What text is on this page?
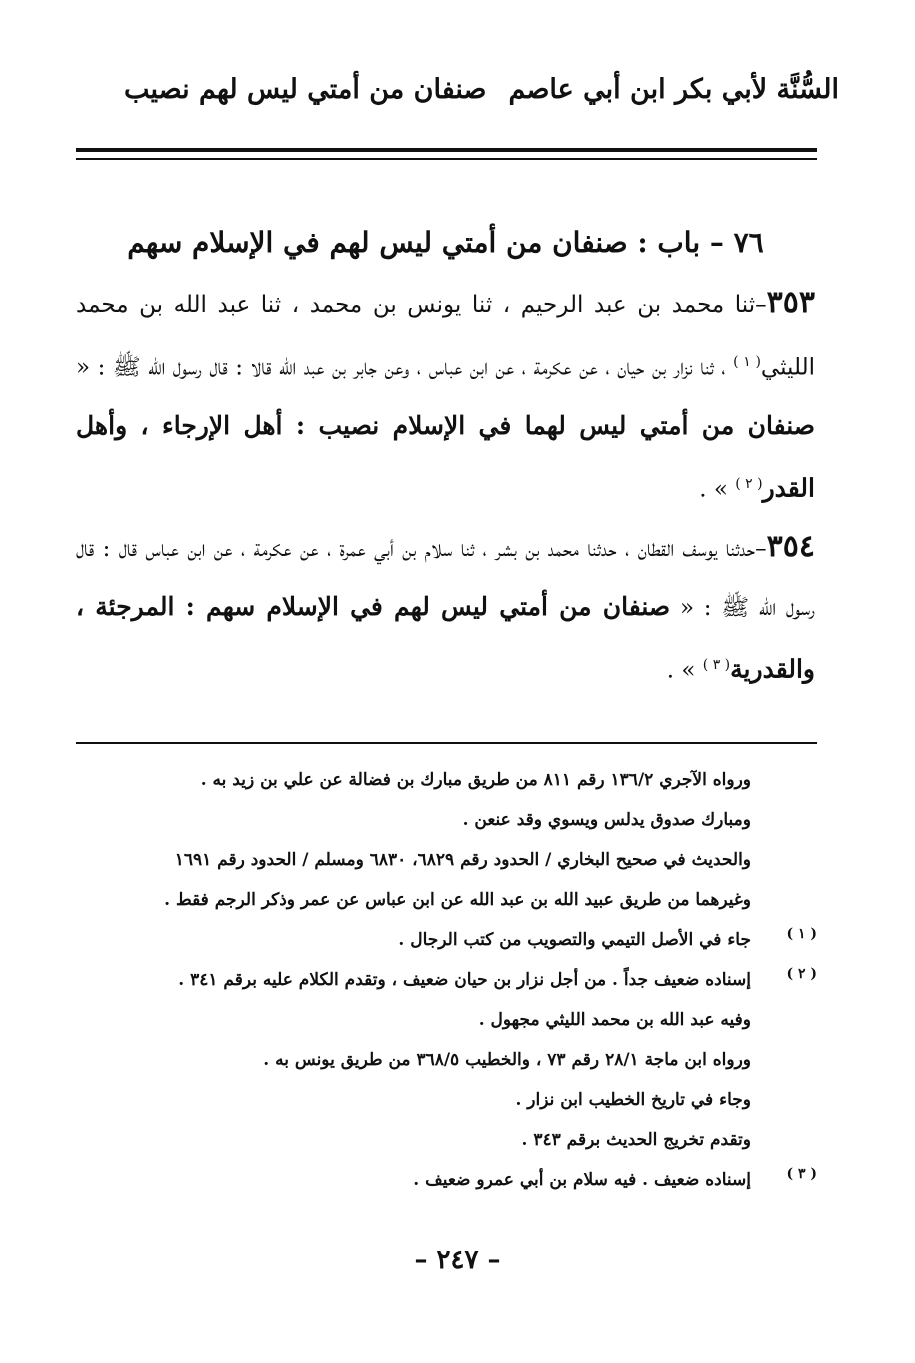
السُّنَّة لأبي بكر ابن أبي عاصم
صنفان من أمتي ليس لهم نصيب
٧٦ – باب : صنفان من أمتي ليس لهم في الإسلام سهم

٣٥٣–ثنا محمد بن عبد الرحيم ، ثنا يونس بن محمد ، ثنا عبد الله بن محمد الليثي$^{( ١ )}$ ، ثنا نزار بن حيان ، عن عكرمة ، عن ابن عباس ، وعن جابر بن عبد الله قالا : قال رسول الله ﷺ : « صنفان من أمتي ليس لهما في الإسلام نصيب : أهل الإرجاء ، وأهل القدر$^{( ٢ )}$ » .

٣٥٤–حدثنا يوسف القطان ، حدثنا محمد بن بشر ، ثنا سلام بن أبي عمرة ، عن عكرمة ، عن ابن عباس قال : قال رسول الله ﷺ : « صنفان من أمتي ليس لهم في الإسلام سهم : المرجئة ، والقدرية$^{( ٣ )}$ » .

ورواه الآجري ١٣٦/٢ رقم ٨١١ من طريق مبارك بن فضالة عن علي بن زيد به .
ومبارك صدوق يدلس ويسوي وقد عنعن .
والحديث في صحيح البخاري / الحدود رقم ٦٨٢٩، ٦٨٣٠ ومسلم / الحدود رقم ١٦٩١
وغيرهما من طريق عبيد الله بن عبد الله عن ابن عباس عن عمر وذكر الرجم فقط .
( ١ )
جاء في الأصل التيمي والتصويب من كتب الرجال .
( ٢ )
إسناده ضعيف جداً . من أجل نزار بن حيان ضعيف ، وتقدم الكلام عليه برقم ٣٤١ .
وفيه عبد الله بن محمد الليثي مجهول .
ورواه ابن ماجة ٢٨/١ رقم ٧٣ ، والخطيب ٣٦٨/٥ من طريق يونس به .
وجاء في تاريخ الخطيب ابن نزار .
وتقدم تخريج الحديث برقم ٣٤٣ .
( ٣ )
إسناده ضعيف . فيه سلام بن أبي عمرو ضعيف .
– ٢٤٧ –
